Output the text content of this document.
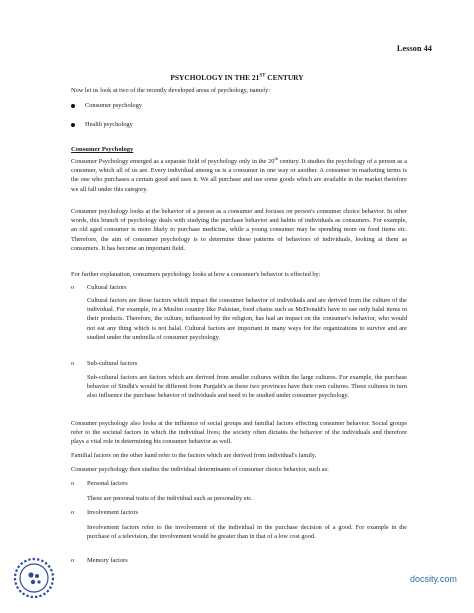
Lesson 44
PSYCHOLOGY IN THE 21ST CENTURY

Now let us look at two of the recently developed areas of psychology, namely:

Consumer psychology
Health psychology
Consumer Psychology

Consumer Psychology emerged as a separate field of psychology only in the 20th century. It studies the psychology of a person as a consumer, which all of us are. Every individual among us is a consumer in one way or another. A consumer in marketing terms is the one who purchases a certain good and uses it. We all purchase and use some goods which are available in the market therefore we all fall under this category.

Consumer psychology looks at the behavior of a person as a consumer and focuses on person's consumer choice behavior. In other words, this branch of psychology deals with studying the purchase behavior and habits of individuals as consumers. For example, an old aged consumer is more likely to purchase medicine, while a young consumer may be spending more on food items etc. Therefore, the aim of consumer psychology is to determine these patterns of behaviors of individuals, looking at them as consumers. It has become an important field.

For further explanation, consumers psychology looks at how a consumer's behavior is effected by:

o Cultural factors

Cultural factors are those factors which impact the consumer behavior of individuals and are derived from the culture of the individual. For example, in a Muslim country like Pakistan, food chains such as McDonald's have to use only halal items in their products. Therefore, the culture, influenced by the religion, has had an impact on the consumer's behavior, who would not eat any thing which is not halal. Cultural factors are important in many ways for the organizations to survive and are studied under the umbrella of consumer psychology.

o Sub-cultural factors

Sub-cultural factors are factors which are derived from smaller cultures within the large cultures. For example, the purchase behavior of Sindhi's would be different from Punjabi's as these two provinces have their own cultures. These cultures in turn also influence the purchase behavior of individuals and need to be studied under consumer psychology.

Consumer psychology also looks at the influence of social groups and familial factors effecting consumer behavior. Social groups refer to the societal factors in which the individual lives; the society often dictates the behavior of the individuals and therefore plays a vital role in determining his consumer behavior as well.

Familial factors on the other hand refer to the factors which are derived from individual's family.

Consumer psychology then studies the individual determinants of consumer choice behavior, such as:

o Personal factors

These are personal traits of the individual such as personality etc.

o Involvement factors

Involvement factors refer to the involvement of the individual in the purchase decision of a good. For example in the purchase of a television, the involvement would be greater than in that of a low cost good.

o Memory factors
docsity.com
